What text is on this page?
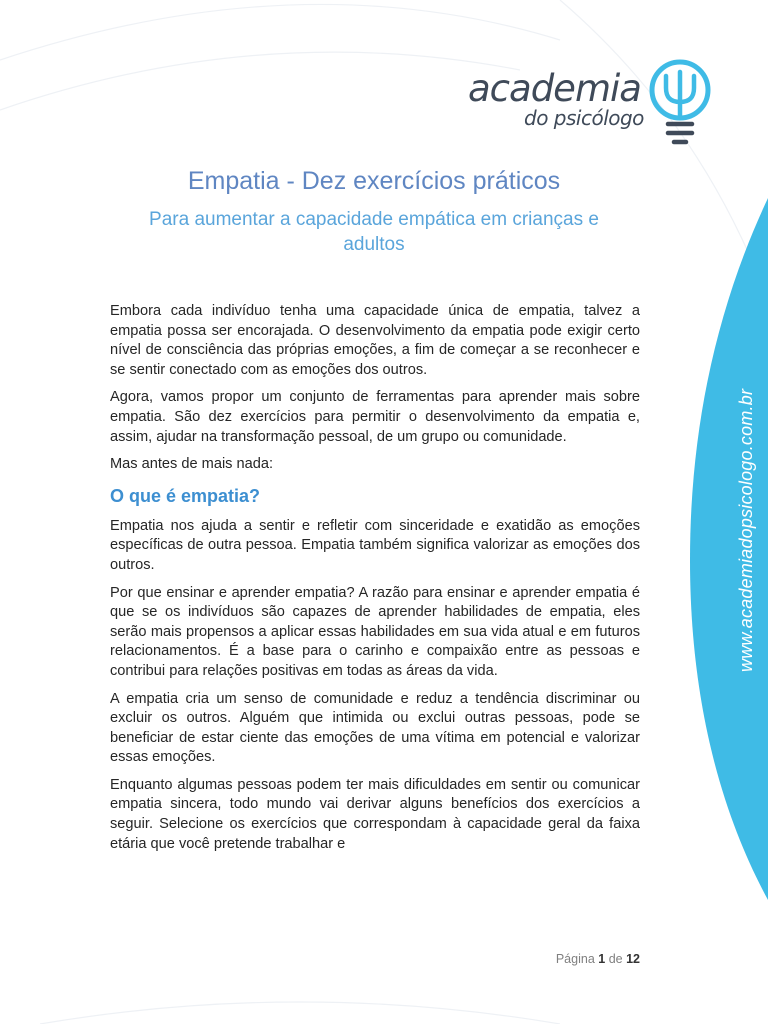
www.academiadopsicologo.com.br
academia
do psicólogo
Empatia - Dez exercícios práticos
Para aumentar a capacidade empática em crianças e adultos

Embora cada indivíduo tenha uma capacidade única de empatia, talvez a empatia possa ser encorajada. O desenvolvimento da empatia pode exigir certo nível de consciência das próprias emoções, a fim de começar a se reconhecer e se sentir conectado com as emoções dos outros.

Agora, vamos propor um conjunto de ferramentas para aprender mais sobre empatia. São dez exercícios para permitir o desenvolvimento da empatia e, assim, ajudar na transformação pessoal, de um grupo ou comunidade.

Mas antes de mais nada:

O que é empatia?

Empatia nos ajuda a sentir e refletir com sinceridade e exatidão as emoções específicas de outra pessoa. Empatia também significa valorizar as emoções dos outros.

Por que ensinar e aprender empatia? A razão para ensinar e aprender empatia é que se os indivíduos são capazes de aprender habilidades de empatia, eles serão mais propensos a aplicar essas habilidades em sua vida atual e em futuros relacionamentos. É a base para o carinho e compaixão entre as pessoas e contribui para relações positivas em todas as áreas da vida.

A empatia cria um senso de comunidade e reduz a tendência discriminar ou excluir os outros. Alguém que intimida ou exclui outras pessoas, pode se beneficiar de estar ciente das emoções de uma vítima em potencial e valorizar essas emoções.

Enquanto algumas pessoas podem ter mais dificuldades em sentir ou comunicar empatia sincera, todo mundo vai derivar alguns benefícios dos exercícios a seguir. Selecione os exercícios que correspondam à capacidade geral da faixa etária que você pretende trabalhar e

Página 1 de 12
